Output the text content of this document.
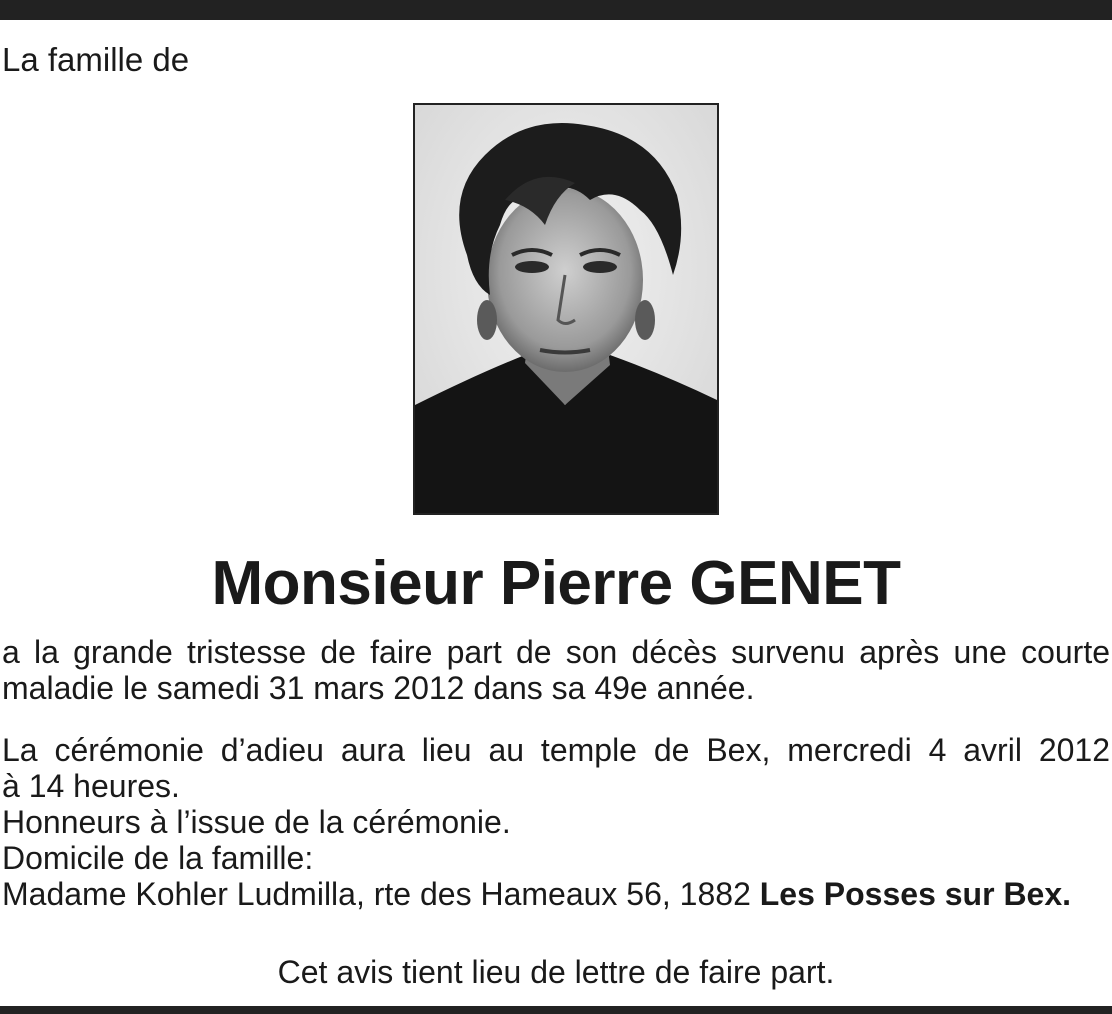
La famille de
Monsieur Pierre GENET
a la grande tristesse de faire part de son décès survenu après une courte
maladie le samedi 31 mars 2012 dans sa 49e année.
La cérémonie d’adieu aura lieu au temple de Bex, mercredi 4 avril 2012
à 14 heures.
Honneurs à l’issue de la cérémonie.
Domicile de la famille:
Madame Kohler Ludmilla, rte des Hameaux 56, 1882 Les Posses sur Bex.
Cet avis tient lieu de lettre de faire part.
